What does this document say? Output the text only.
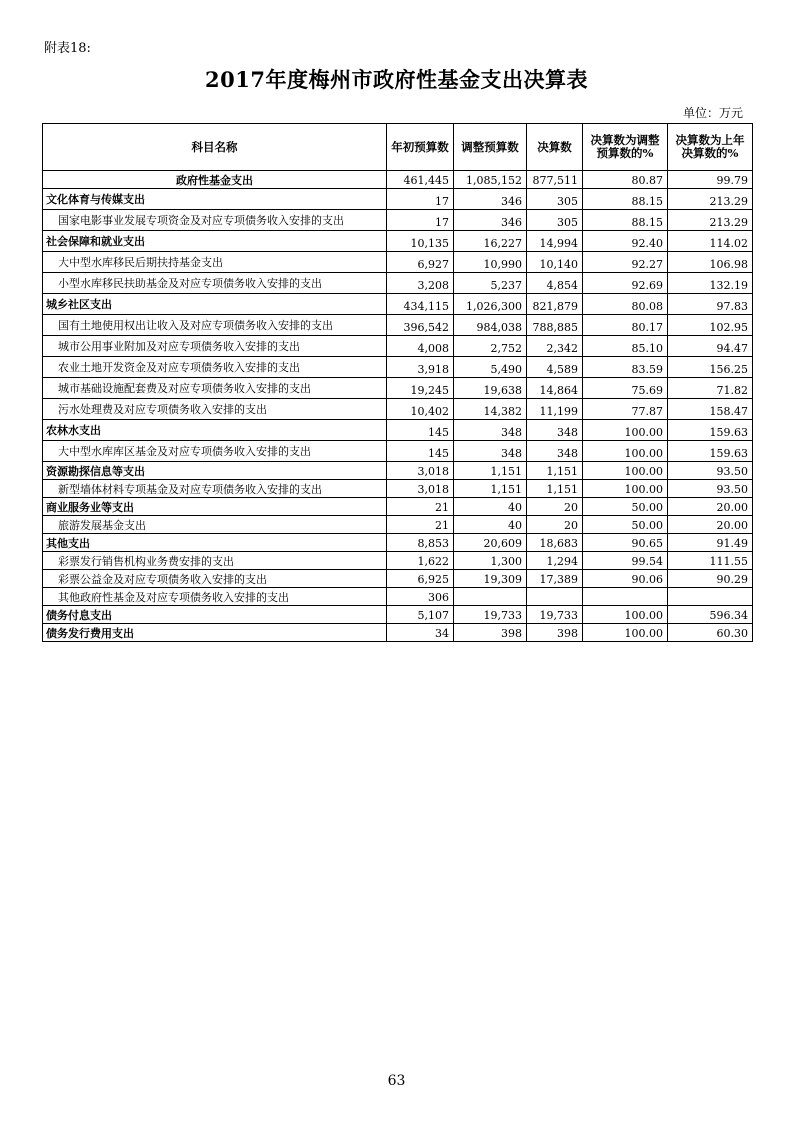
附表18:
2017年度梅州市政府性基金支出决算表
单位：万元
科目名称	年初预算数	调整预算数	决算数	决算数为调整预算数的%	决算数为上年决算数的%
政府性基金支出	461,445	1,085,152	877,511	80.87	99.79
文化体育与传媒支出	17	346	305	88.15	213.29
国家电影事业发展专项资金及对应专项债务收入安排的支出	17	346	305	88.15	213.29
社会保障和就业支出	10,135	16,227	14,994	92.40	114.02
大中型水库移民后期扶持基金支出	6,927	10,990	10,140	92.27	106.98
小型水库移民扶助基金及对应专项债务收入安排的支出	3,208	5,237	4,854	92.69	132.19
城乡社区支出	434,115	1,026,300	821,879	80.08	97.83
国有土地使用权出让收入及对应专项债务收入安排的支出	396,542	984,038	788,885	80.17	102.95
城市公用事业附加及对应专项债务收入安排的支出	4,008	2,752	2,342	85.10	94.47
农业土地开发资金及对应专项债务收入安排的支出	3,918	5,490	4,589	83.59	156.25
城市基础设施配套费及对应专项债务收入安排的支出	19,245	19,638	14,864	75.69	71.82
污水处理费及对应专项债务收入安排的支出	10,402	14,382	11,199	77.87	158.47
农林水支出	145	348	348	100.00	159.63
大中型水库库区基金及对应专项债务收入安排的支出	145	348	348	100.00	159.63
资源勘探信息等支出	3,018	1,151	1,151	100.00	93.50
新型墙体材料专项基金及对应专项债务收入安排的支出	3,018	1,151	1,151	100.00	93.50
商业服务业等支出	21	40	20	50.00	20.00
旅游发展基金支出	21	40	20	50.00	20.00
其他支出	8,853	20,609	18,683	90.65	91.49
彩票发行销售机构业务费安排的支出	1,622	1,300	1,294	99.54	111.55
彩票公益金及对应专项债务收入安排的支出	6,925	19,309	17,389	90.06	90.29
其他政府性基金及对应专项债务收入安排的支出	306				
债务付息支出	5,107	19,733	19,733	100.00	596.34
债务发行费用支出	34	398	398	100.00	60.30
63
